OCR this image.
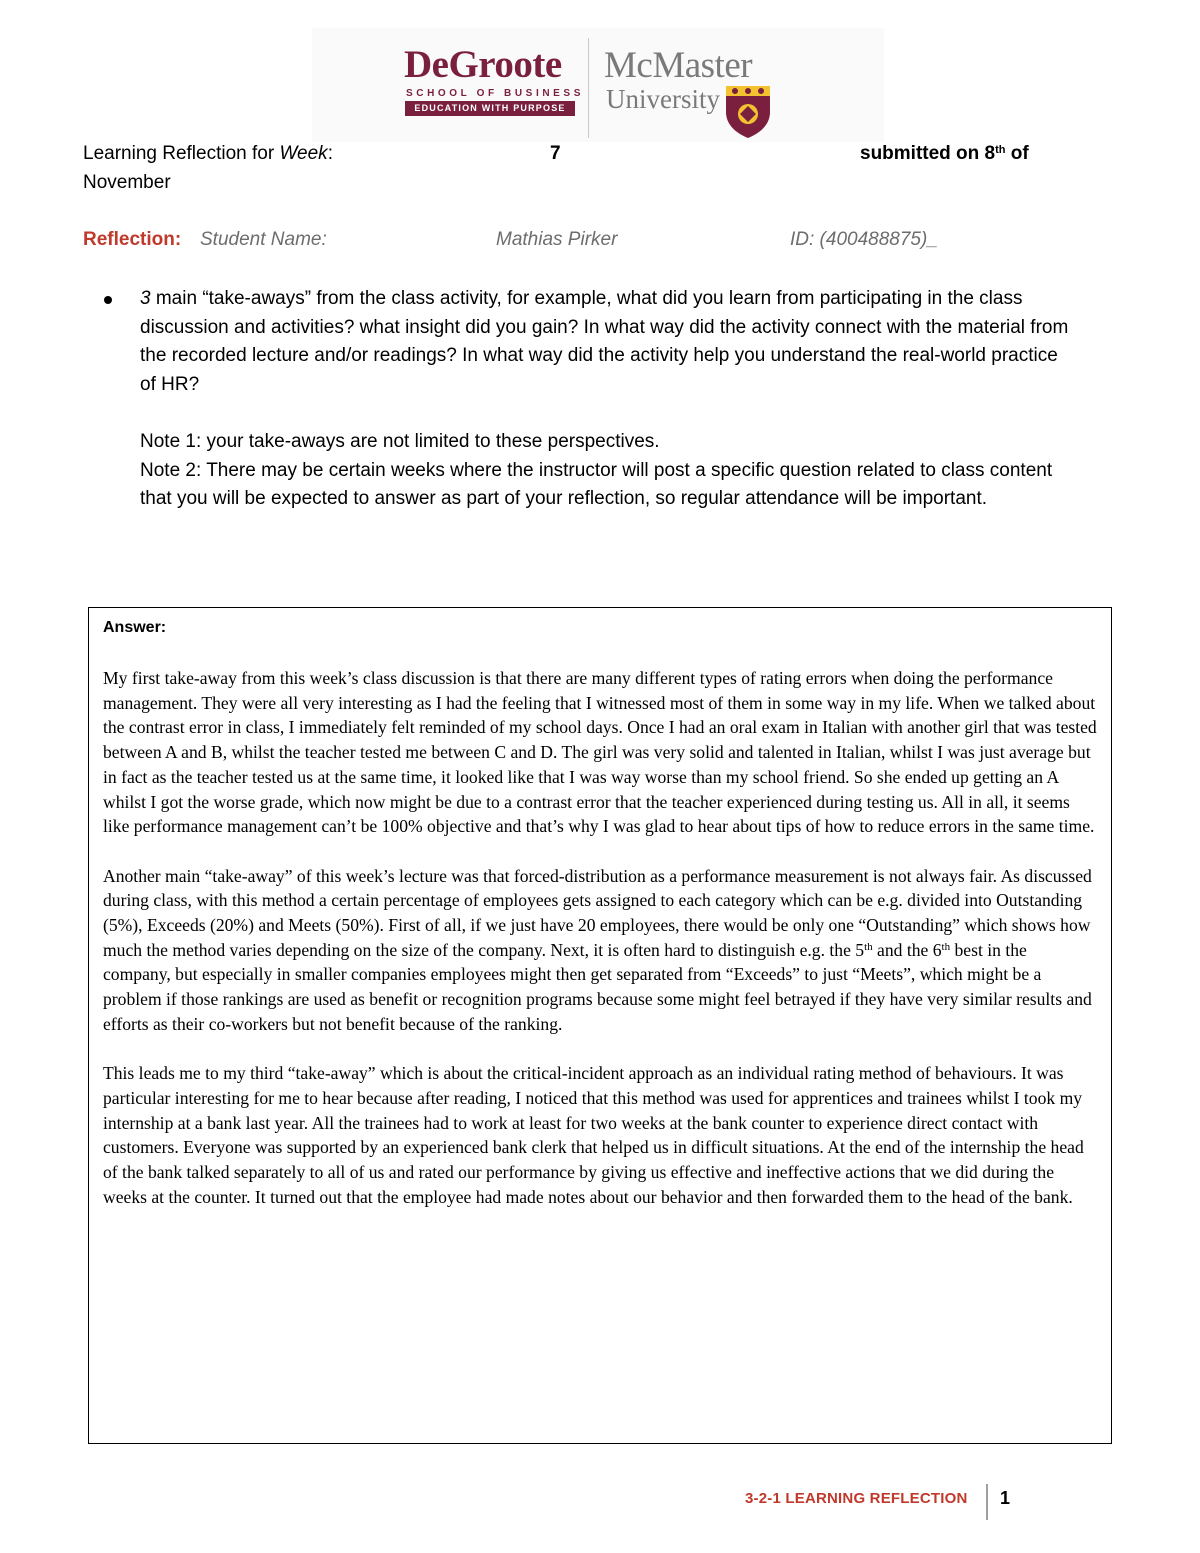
DeGroote
SCHOOL OF BUSINESS
EDUCATION WITH PURPOSE
McMaster
University
Learning Reflection for Week:	7	submitted on 8th of
November
Reflection: Student Name:	Mathias Pirker	ID: (400488875)_
3 main “take-aways” from the class activity, for example, what did you learn from participating in the class discussion and activities? what insight did you gain? In what way did the activity connect with the material from the recorded lecture and/or readings? In what way did the activity help you understand the real-world practice of HR?
Note 1: your take-aways are not limited to these perspectives.
Note 2: There may be certain weeks where the instructor will post a specific question related to class content that you will be expected to answer as part of your reflection, so regular attendance will be important.
Answer:

My first take-away from this week’s class discussion is that there are many different types of rating errors when doing the performance management. They were all very interesting as I had the feeling that I witnessed most of them in some way in my life. When we talked about the contrast error in class, I immediately felt reminded of my school days. Once I had an oral exam in Italian with another girl that was tested between A and B, whilst the teacher tested me between C and D. The girl was very solid and talented in Italian, whilst I was just average but in fact as the teacher tested us at the same time, it looked like that I was way worse than my school friend. So she ended up getting an A whilst I got the worse grade, which now might be due to a contrast error that the teacher experienced during testing us. All in all, it seems like performance management can’t be 100% objective and that’s why I was glad to hear about tips of how to reduce errors in the same time.

Another main “take-away” of this week’s lecture was that forced-distribution as a performance measurement is not always fair. As discussed during class, with this method a certain percentage of employees gets assigned to each category which can be e.g. divided into Outstanding (5%), Exceeds (20%) and Meets (50%). First of all, if we just have 20 employees, there would be only one “Outstanding” which shows how much the method varies depending on the size of the company. Next, it is often hard to distinguish e.g. the 5th and the 6th best in the company, but especially in smaller companies employees might then get separated from “Exceeds” to just “Meets”, which might be a problem if those rankings are used as benefit or recognition programs because some might feel betrayed if they have very similar results and efforts as their co-workers but not benefit because of the ranking.

This leads me to my third “take-away” which is about the critical-incident approach as an individual rating method of behaviours. It was particular interesting for me to hear because after reading, I noticed that this method was used for apprentices and trainees whilst I took my internship at a bank last year. All the trainees had to work at least for two weeks at the bank counter to experience direct contact with customers. Everyone was supported by an experienced bank clerk that helped us in difficult situations. At the end of the internship the head of the bank talked separately to all of us and rated our performance by giving us effective and ineffective actions that we did during the weeks at the counter. It turned out that the employee had made notes about our behavior and then forwarded them to the head of the bank.

3-2-1 LEARNING REFLECTION 1
